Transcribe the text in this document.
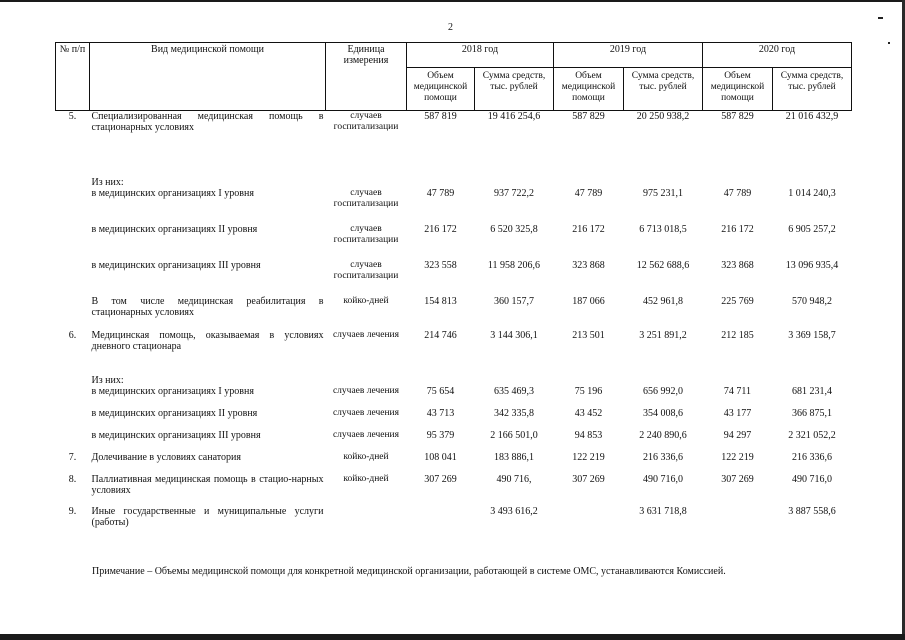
2
№ п/п	Вид медицинской помощи	Единица измерения	2018 год		2019 год		2020 год	
			Объем медицинской помощи	Сумма средств, тыс. рублей	Объем медицинской помощи	Сумма средств, тыс. рублей	Объем медицинской помощи	Сумма средств, тыс. рублей
5.	Специализированная медицинская помощь в стационарных условиях	случаев госпитализации	587 819	19 416 254,6	587 829	20 250 938,2	587 829	21 016 432,9
	Из них:							
	в медицинских организациях I уровня	случаев госпитализации	47 789	937 722,2	47 789	975 231,1	47 789	1 014 240,3
	в медицинских организациях II уровня	случаев госпитализации	216 172	6 520 325,8	216 172	6 713 018,5	216 172	6 905 257,2
	в медицинских организациях III уровня	случаев госпитализации	323 558	11 958 206,6	323 868	12 562 688,6	323 868	13 096 935,4
	В том числе медицинская реабилитация в стационарных условиях	койко-дней	154 813	360 157,7	187 066	452 961,8	225 769	570 948,2
6.	Медицинская помощь, оказываемая в условиях дневного стационара	случаев лечения	214 746	3 144 306,1	213 501	3 251 891,2	212 185	3 369 158,7
	Из них:							
	в медицинских организациях I уровня	случаев лечения	75 654	635 469,3	75 196	656 992,0	74 711	681 231,4
	в медицинских организациях II уровня	случаев лечения	43 713	342 335,8	43 452	354 008,6	43 177	366 875,1
	в медицинских организациях III уровня	случаев лечения	95 379	2 166 501,0	94 853	2 240 890,6	94 297	2 321 052,2
7.	Долечивание в условиях санатория	койко-дней	108 041	183 886,1	122 219	216 336,6	122 219	216 336,6
8.	Паллиативная медицинская помощь в стацио-нарных условиях	койко-дней	307 269	490 716,	307 269	490 716,0	307 269	490 716,0
9.	Иные государственные и муниципальные услуги (работы)			3 493 616,2		3 631 718,8		3 887 558,6
Примечание – Объемы медицинской помощи для конкретной медицинской организации, работающей в системе ОМС, устанавливаются Комиссией.
